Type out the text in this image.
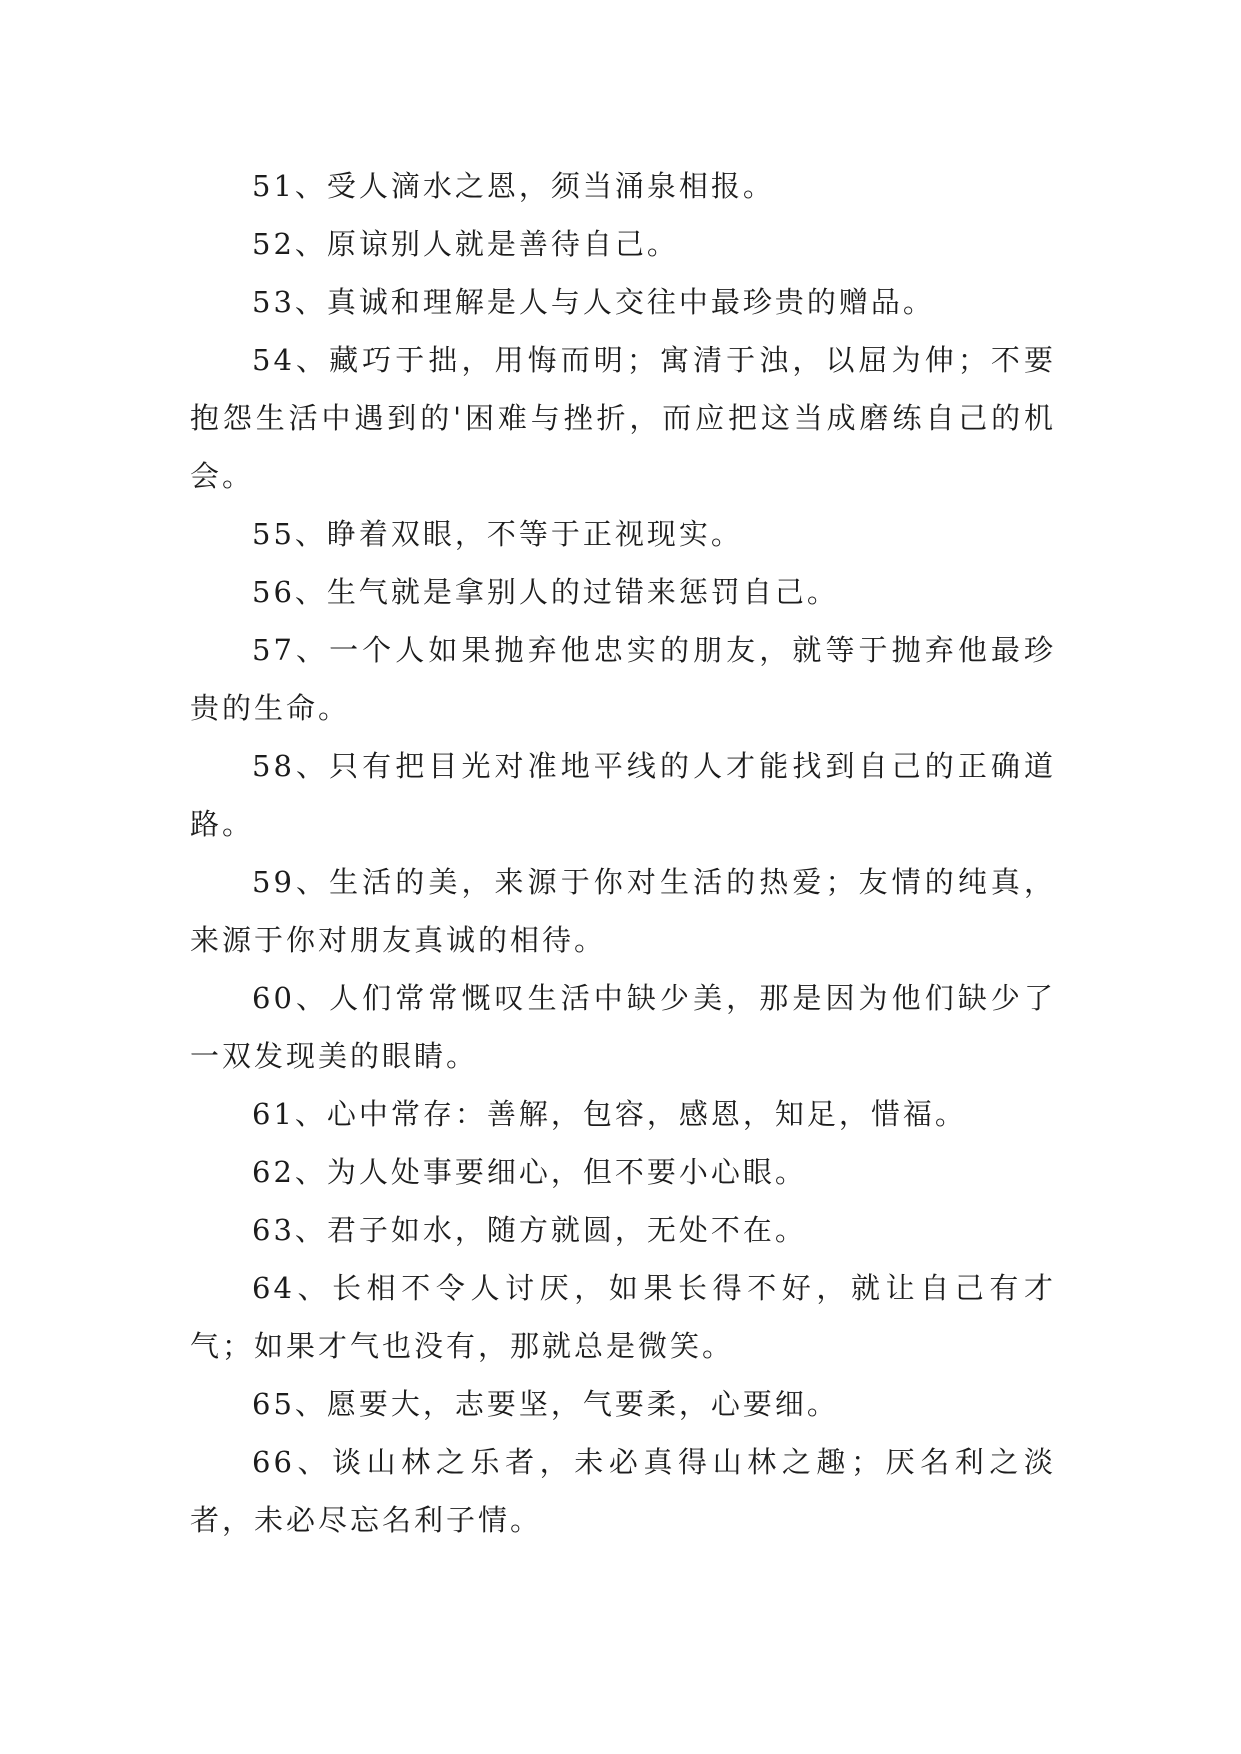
51、受人滴水之恩，须当涌泉相报。

52、原谅别人就是善待自己。

53、真诚和理解是人与人交往中最珍贵的赠品。

54、藏巧于拙，用悔而明；寓清于浊，以屈为伸；不要抱怨生活中遇到的'困难与挫折，而应把这当成磨练自己的机会。

55、睁着双眼，不等于正视现实。

56、生气就是拿别人的过错来惩罚自己。

57、一个人如果抛弃他忠实的朋友，就等于抛弃他最珍贵的生命。

58、只有把目光对准地平线的人才能找到自己的正确道路。

59、生活的美，来源于你对生活的热爱；友情的纯真，来源于你对朋友真诚的相待。

60、人们常常慨叹生活中缺少美，那是因为他们缺少了一双发现美的眼睛。

61、心中常存：善解，包容，感恩，知足，惜福。

62、为人处事要细心，但不要小心眼。

63、君子如水，随方就圆，无处不在。

64、长相不令人讨厌，如果长得不好，就让自己有才气；如果才气也没有，那就总是微笑。

65、愿要大，志要坚，气要柔，心要细。

66、谈山林之乐者，未必真得山林之趣；厌名利之淡者，未必尽忘名利子情。
